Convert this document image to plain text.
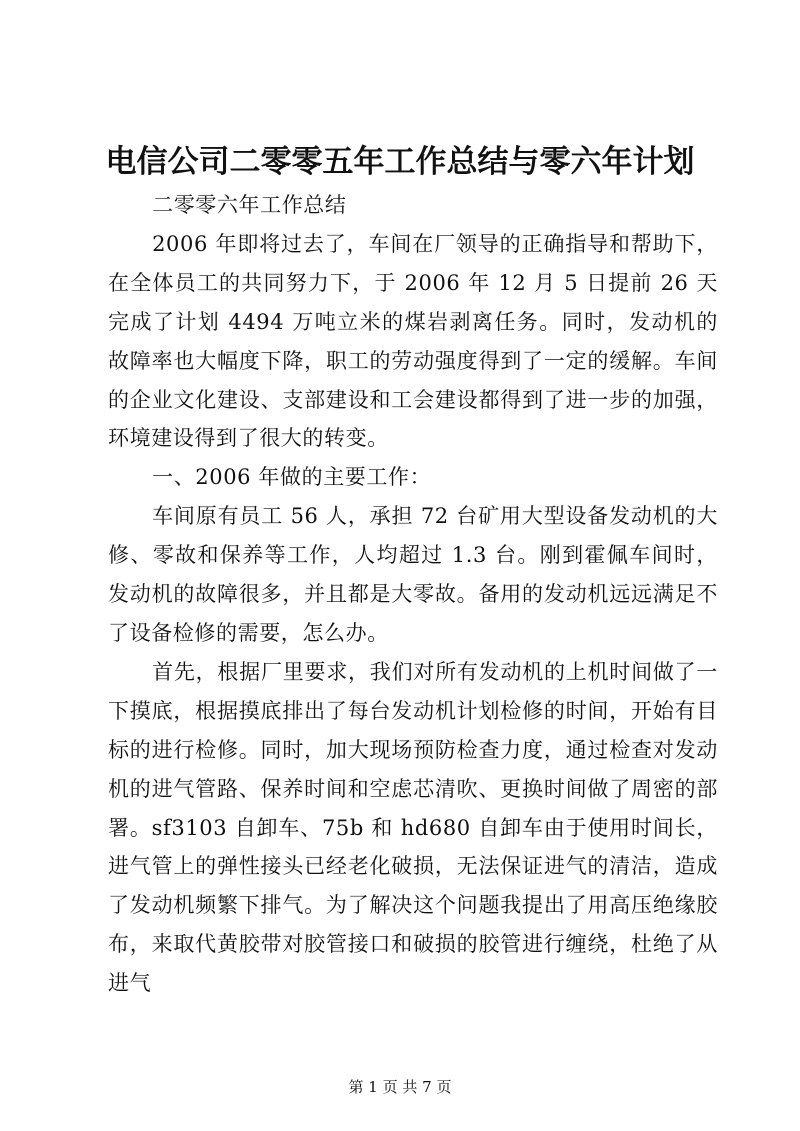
电信公司二零零五年工作总结与零六年计划

二零零六年工作总结

2006 年即将过去了，车间在厂领导的正确指导和帮助下，在全体员工的共同努力下，于 2006 年 12 月 5 日提前 26 天完成了计划 4494 万吨立米的煤岩剥离任务。同时，发动机的故障率也大幅度下降，职工的劳动强度得到了一定的缓解。车间的企业文化建设、支部建设和工会建设都得到了进一步的加强，环境建设得到了很大的转变。

一、2006 年做的主要工作：

车间原有员工 56 人，承担 72 台矿用大型设备发动机的大修、零故和保养等工作，人均超过 1.3 台。刚到霍佩车间时，发动机的故障很多，并且都是大零故。备用的发动机远远满足不了设备检修的需要，怎么办。

首先，根据厂里要求，我们对所有发动机的上机时间做了一下摸底，根据摸底排出了每台发动机计划检修的时间，开始有目标的进行检修。同时，加大现场预防检查力度，通过检查对发动机的进气管路、保养时间和空虑芯清吹、更换时间做了周密的部署。sf3103 自卸车、75b 和 hd680 自卸车由于使用时间长，进气管上的弹性接头已经老化破损，无法保证进气的清洁，造成了发动机频繁下排气。为了解决这个问题我提出了用高压绝缘胶布，来取代黄胶带对胶管接口和破损的胶管进行缠绕，杜绝了从进气

第 1 页 共 7 页
